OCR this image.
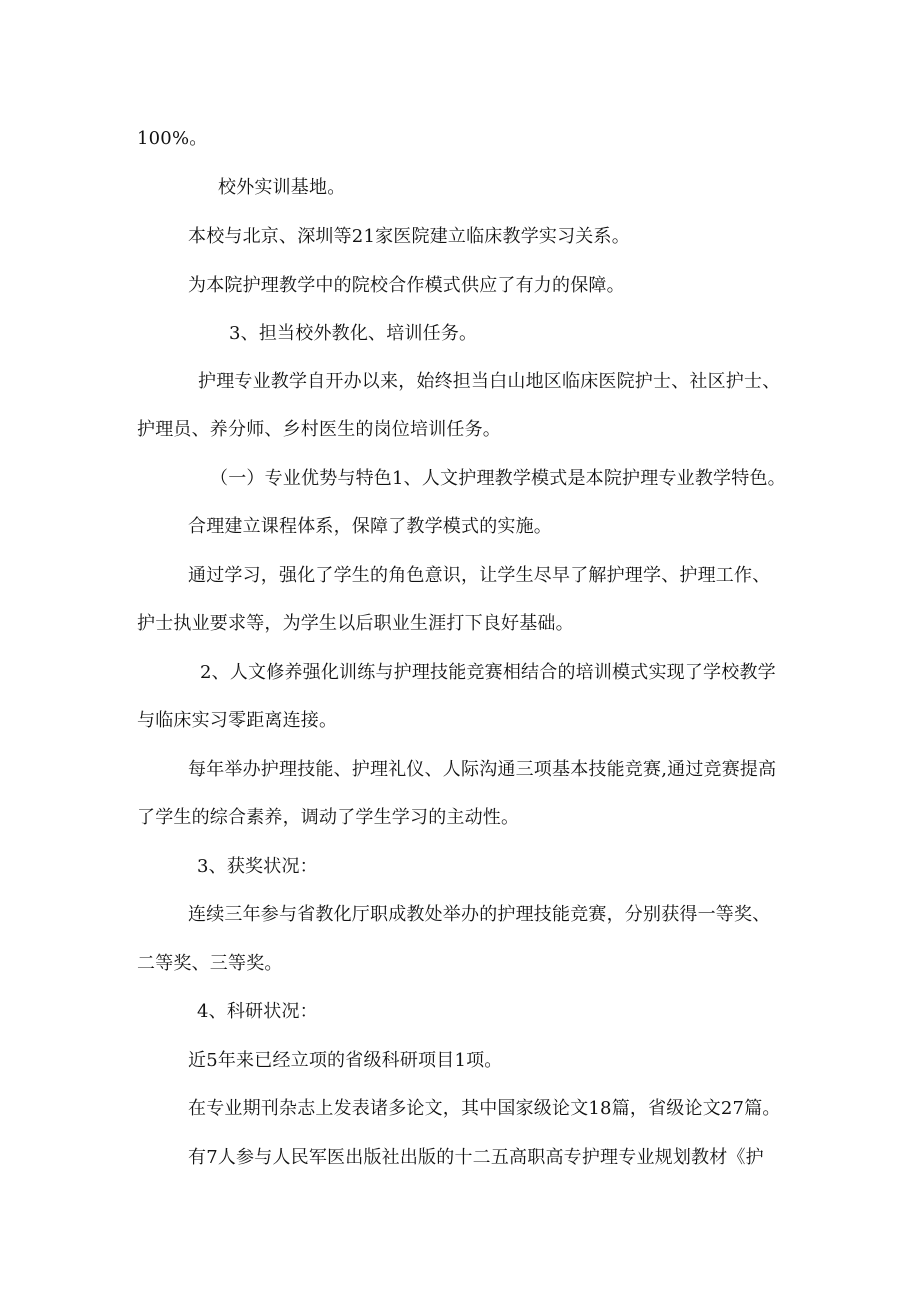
100%。
校外实训基地。
本校与北京、深圳等21家医院建立临床教学实习关系。
为本院护理教学中的院校合作模式供应了有力的保障。
3、担当校外教化、培训任务。
护理专业教学自开办以来，始终担当白山地区临床医院护士、社区护士、
护理员、养分师、乡村医生的岗位培训任务。
（一）专业优势与特色1、人文护理教学模式是本院护理专业教学特色。
合理建立课程体系，保障了教学模式的实施。
通过学习，强化了学生的角色意识，让学生尽早了解护理学、护理工作、
护士执业要求等，为学生以后职业生涯打下良好基础。
2、人文修养强化训练与护理技能竞赛相结合的培训模式实现了学校教学
与临床实习零距离连接。
每年举办护理技能、护理礼仪、人际沟通三项基本技能竞赛,通过竞赛提高
了学生的综合素养，调动了学生学习的主动性。
3、获奖状况：
连续三年参与省教化厅职成教处举办的护理技能竞赛，分别获得一等奖、
二等奖、三等奖。
4、科研状况：
近5年来已经立项的省级科研项目1项。
在专业期刊杂志上发表诸多论文，其中国家级论文18篇，省级论文27篇。
有7人参与人民军医出版社出版的十二五高职高专护理专业规划教材《护
